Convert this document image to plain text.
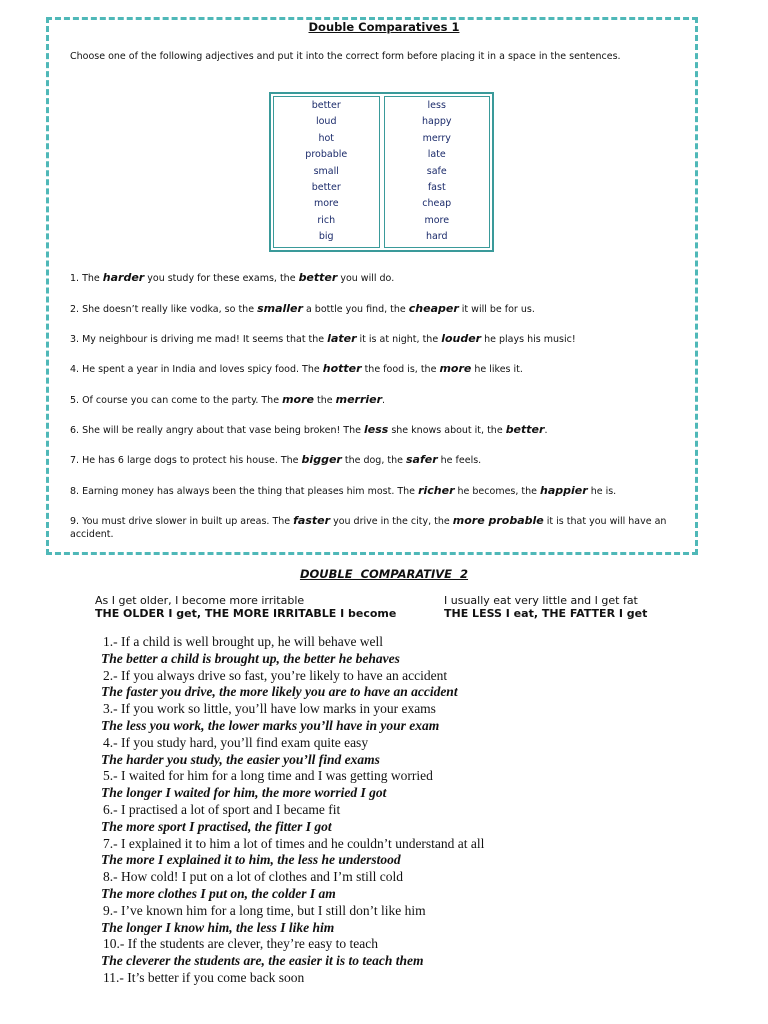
Double Comparatives 1
Choose one of the following adjectives and put it into the correct form before placing it in a space in the sentences.
better
loud
hot
probable
small
better
more
rich
big
less
happy
merry
late
safe
fast
cheap
more
hard
1. The harder you study for these exams, the better you will do.
2. She doesn’t really like vodka, so the smaller a bottle you find, the cheaper it will be for us.
3. My neighbour is driving me mad! It seems that the later it is at night, the louder he plays his music!
4. He spent a year in India and loves spicy food. The hotter the food is, the more he likes it.
5. Of course you can come to the party. The more the merrier.
6. She will be really angry about that vase being broken! The less she knows about it, the better.
7. He has 6 large dogs to protect his house. The bigger the dog, the safer he feels.
8. Earning money has always been the thing that pleases him most. The richer he becomes, the happier he is.
9. You must drive slower in built up areas. The faster you drive in the city, the more probable it is that you will have an accident.
DOUBLE COMPARATIVE 2
As I get older, I become more irritable
THE OLDER I get, THE MORE IRRITABLE I become
I usually eat very little and I get fat
THE LESS I eat, THE FATTER I get
1.- If a child is well brought up, he will behave well
The better a child is brought up, the better he behaves
2.- If you always drive so fast, you’re likely to have an accident
The faster you drive, the more likely you are to have an accident
3.- If you work so little, you’ll have low marks in your exams
The less you work, the lower marks you’ll have in your exam
4.- If you study hard, you’ll find exam quite easy
The harder you study, the easier you’ll find exams
5.- I waited for him for a long time and I was getting worried
The longer I waited for him, the more worried I got
6.- I practised a lot of sport and I became fit
The more sport I practised, the fitter I got
7.- I explained it to him a lot of times and he couldn’t understand at all
The more I explained it to him, the less he understood
8.- How cold! I put on a lot of clothes and I’m still cold
The more clothes I put on, the colder I am
9.- I’ve known him for a long time, but I still don’t like him
The longer I know him, the less I like him
10.- If the students are clever, they’re easy to teach
The cleverer the students are, the easier it is to teach them
11.- It’s better if you come back soon
